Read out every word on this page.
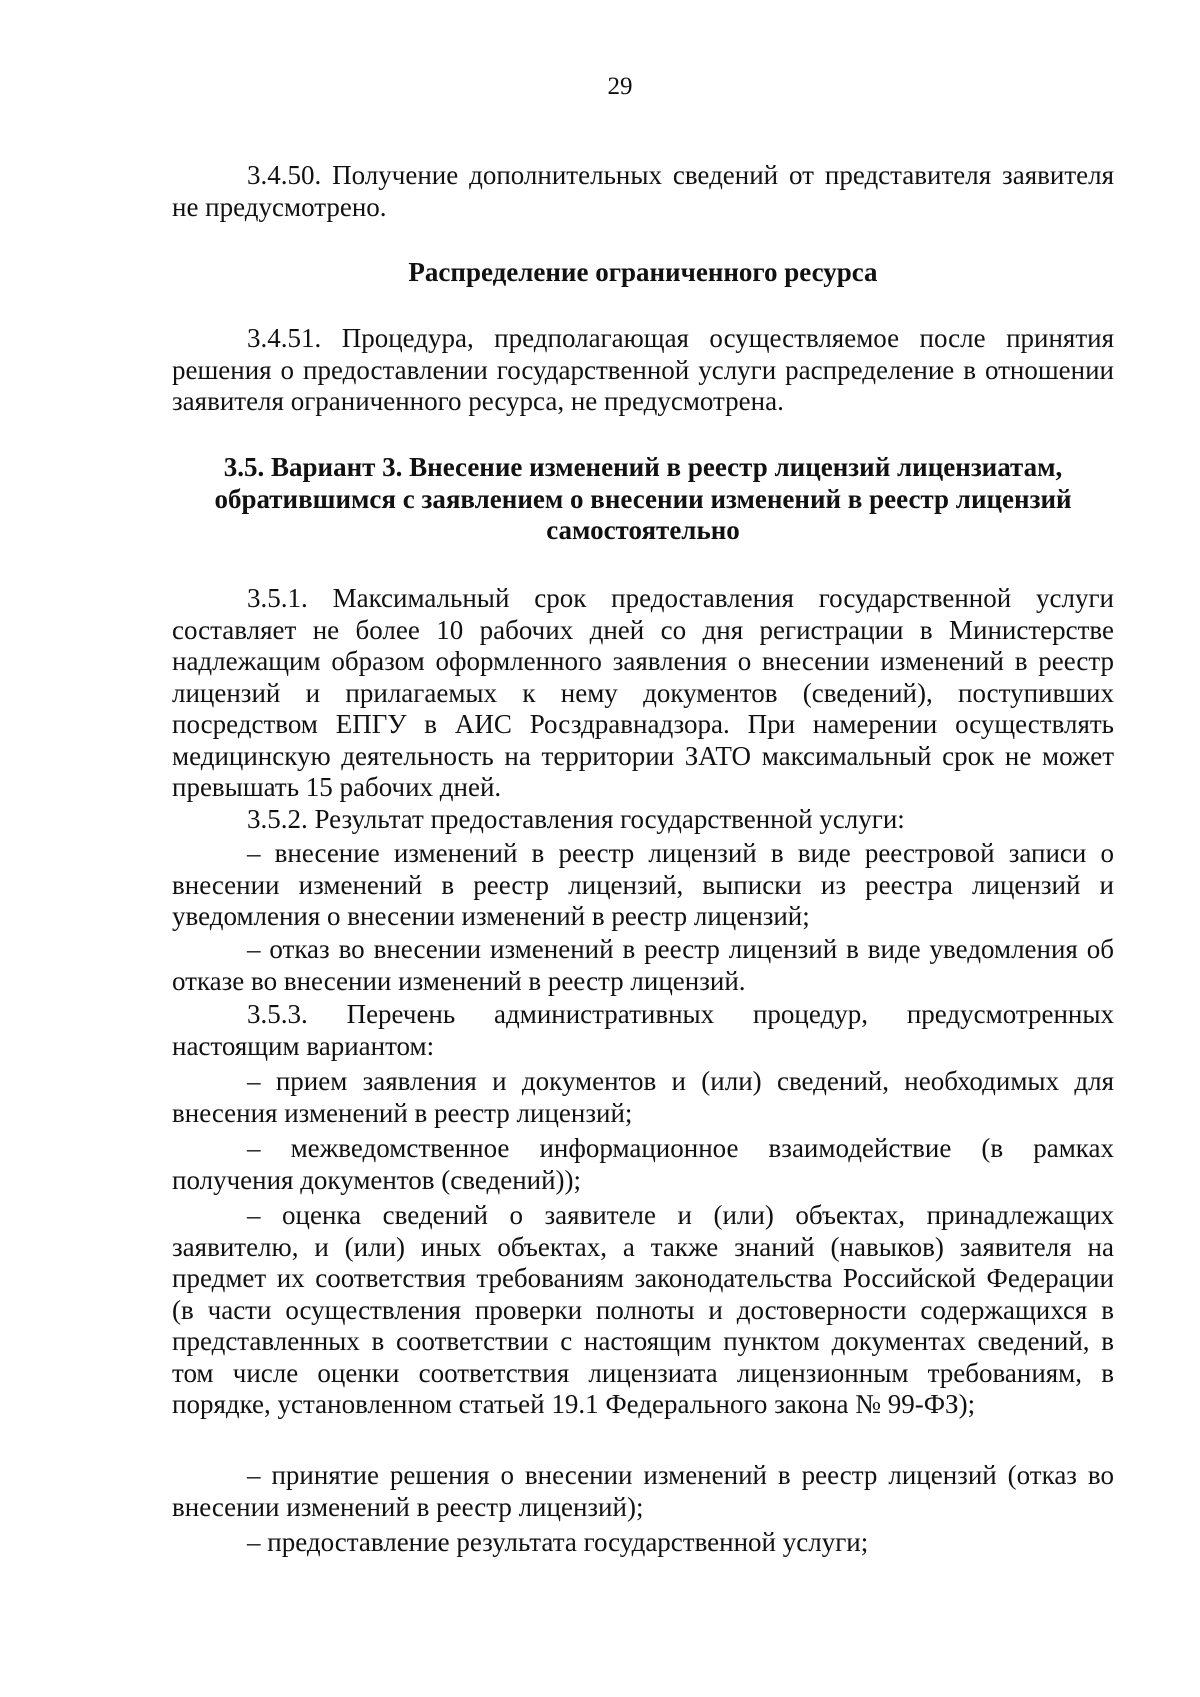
29
3.4.50. Получение дополнительных сведений от представителя заявителя не предусмотрено.
Распределение ограниченного ресурса
3.4.51. Процедура, предполагающая осуществляемое после принятия решения о предоставлении государственной услуги распределение в отношении заявителя ограниченного ресурса, не предусмотрена.
3.5. Вариант 3. Внесение изменений в реестр лицензий лицензиатам, обратившимся с заявлением о внесении изменений в реестр лицензий самостоятельно
3.5.1. Максимальный срок предоставления государственной услуги составляет не более 10 рабочих дней со дня регистрации в Министерстве надлежащим образом оформленного заявления о внесении изменений в реестр лицензий и прилагаемых к нему документов (сведений), поступивших посредством ЕПГУ в АИС Росздравнадзора. При намерении осуществлять медицинскую деятельность на территории ЗАТО максимальный срок не может превышать 15 рабочих дней.
3.5.2. Результат предоставления государственной услуги:
– внесение изменений в реестр лицензий в виде реестровой записи о внесении изменений в реестр лицензий, выписки из реестра лицензий и уведомления о внесении изменений в реестр лицензий;
– отказ во внесении изменений в реестр лицензий в виде уведомления об отказе во внесении изменений в реестр лицензий.
3.5.3. Перечень административных процедур, предусмотренных настоящим вариантом:
– прием заявления и документов и (или) сведений, необходимых для внесения изменений в реестр лицензий;
– межведомственное информационное взаимодействие (в рамках получения документов (сведений));
– оценка сведений о заявителе и (или) объектах, принадлежащих заявителю, и (или) иных объектах, а также знаний (навыков) заявителя на предмет их соответствия требованиям законодательства Российской Федерации (в части осуществления проверки полноты и достоверности содержащихся в представленных в соответствии с настоящим пунктом документах сведений, в том числе оценки соответствия лицензиата лицензионным требованиям, в порядке, установленном статьей 19.1 Федерального закона № 99-ФЗ);
– принятие решения о внесении изменений в реестр лицензий (отказ во внесении изменений в реестр лицензий);
– предоставление результата государственной услуги;
